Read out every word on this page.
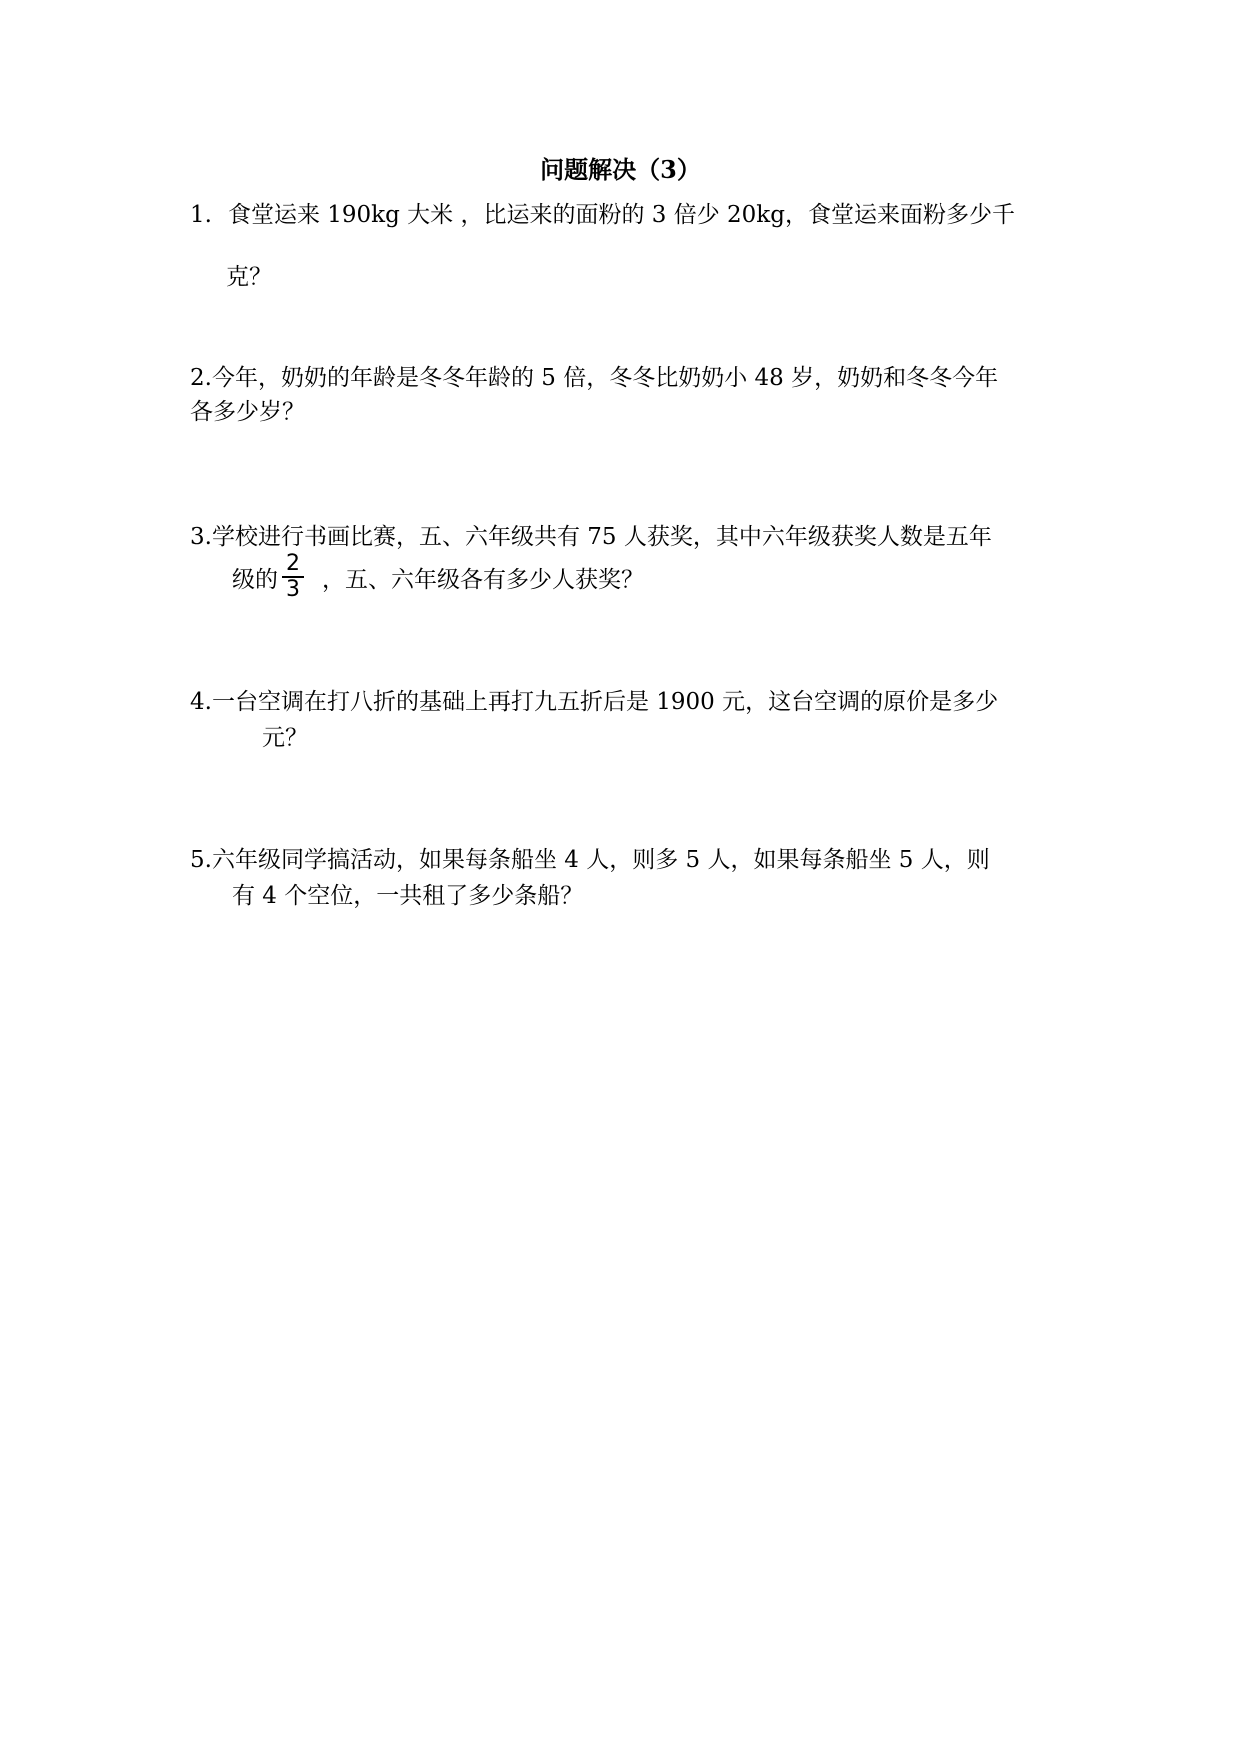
问题解决（3）
1. 食堂运来 190kg 大米 ，比运来的面粉的 3 倍少 20kg，食堂运来面粉多少千
克？
2.今年，奶奶的年龄是冬冬年龄的 5 倍，冬冬比奶奶小 48 岁，奶奶和冬冬今年
各多少岁？
3.学校进行书画比赛，五、六年级共有 75 人获奖，其中六年级获奖人数是五年
级的 $\frac{2}{3}$ ，五、六年级各有多少人获奖？
4.一台空调在打八折的基础上再打九五折后是 1900 元，这台空调的原价是多少
元？
5.六年级同学搞活动，如果每条船坐 4 人，则多 5 人，如果每条船坐 5 人，则
有 4 个空位，一共租了多少条船？
